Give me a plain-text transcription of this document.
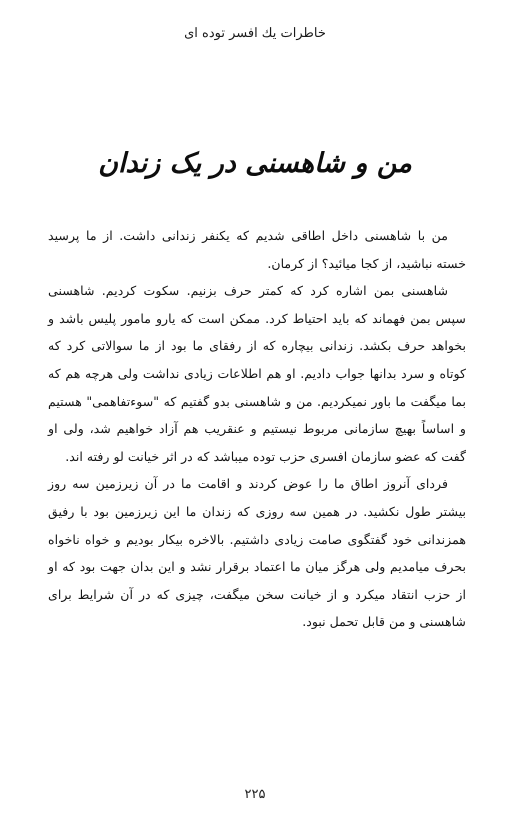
خاطرات یك افسر توده ای
من و شاهسنی در یک زندان

من با شاهسنی داخل اطاقی شدیم که یکنفر زندانی داشت. از ما پرسید خسته نباشید، از کجا میائید؟ از کرمان.

شاهسنی بمن اشاره کرد که کمتر حرف بزنیم. سکوت کردیم. شاهسنی سپس بمن فهماند که باید احتیاط کرد. ممکن است که یارو مامور پلیس باشد و بخواهد حرف بکشد. زندانی بیچاره که از رفقای ما بود از ما سوالاتی کرد که کوتاه و سرد بدانها جواب دادیم. او هم اطلاعات زیادی نداشت ولی هرچه هم که بما میگفت ما باور نمیکردیم. من و شاهسنی بدو گفتیم که "سوءتفاهمی" هستیم و اساساً بهیچ سازمانی مربوط نیستیم و عنقریب هم آزاد خواهیم شد، ولی او گفت که عضو سازمان افسری حزب توده میباشد که در اثر خیانت لو رفته اند.

فردای آنروز اطاق ما را عوض کردند و اقامت ما در آن زیرزمین سه روز بیشتر طول نکشید. در همین سه روزی که زندان ما این زیرزمین بود با رفیق همزندانی خود گفتگوی صامت زیادی داشتیم. بالاخره بیکار بودیم و خواه ناخواه بحرف میامدیم ولی هرگز میان ما اعتماد برقرار نشد و این بدان جهت بود که او از حزب انتقاد میکرد و از خیانت سخن میگفت، چیزی که در آن شرایط برای شاهسنی و من قابل تحمل نبود.

۲۲۵
